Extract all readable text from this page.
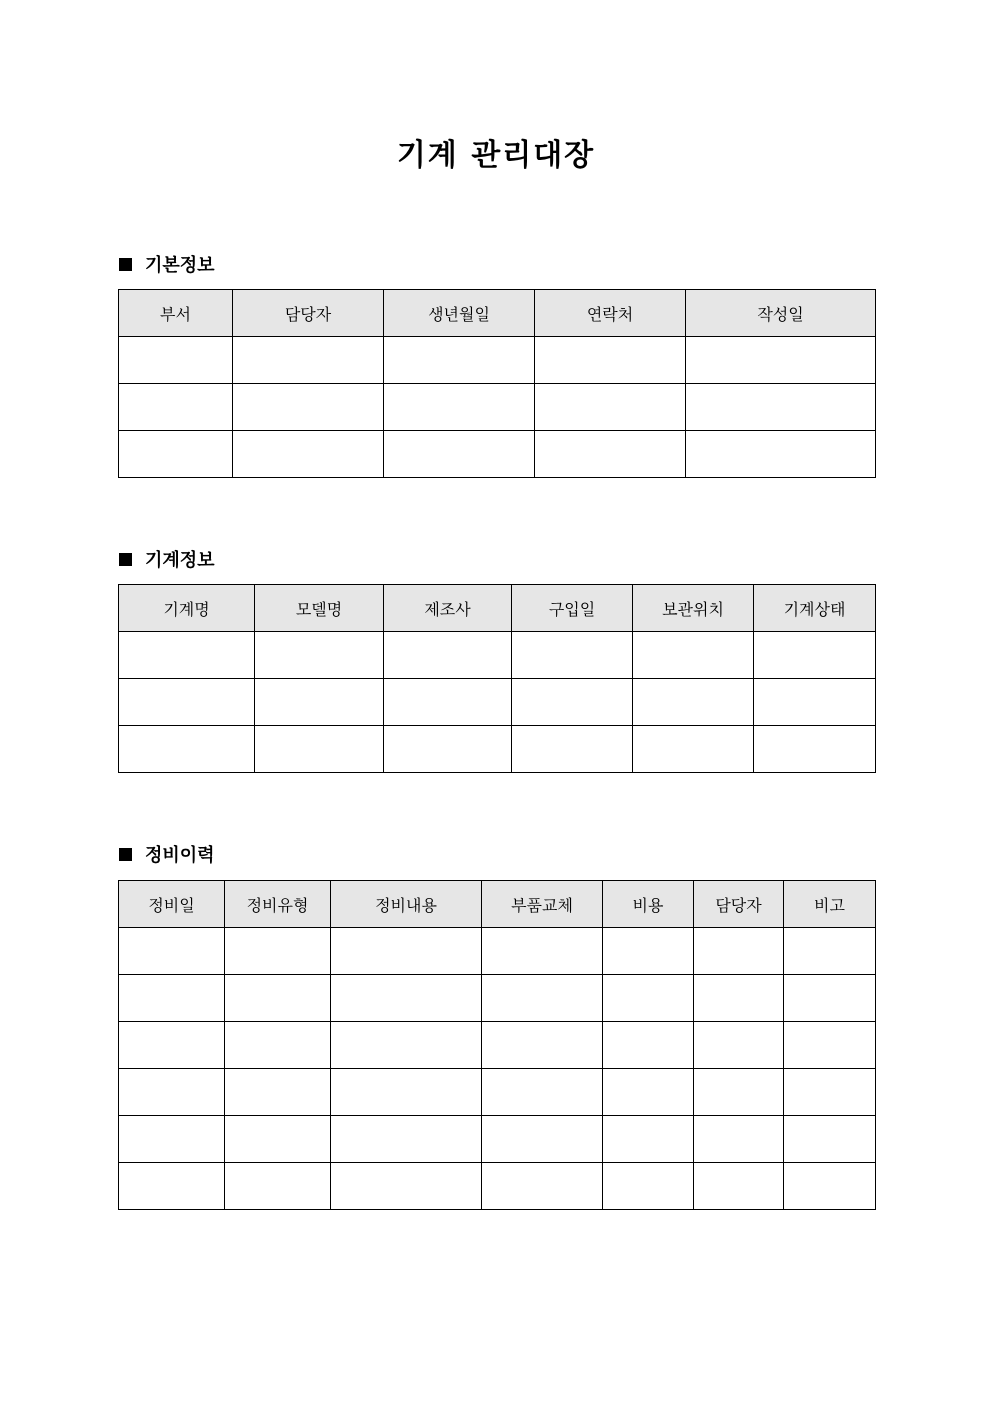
기계 관리대장
기본정보
부서	담당자	생년월일	연락처	작성일

기계정보
기계명	모델명	제조사	구입일	보관위치	기계상태

정비이력
정비일	정비유형	정비내용	부품교체	비용	담당자	비고
